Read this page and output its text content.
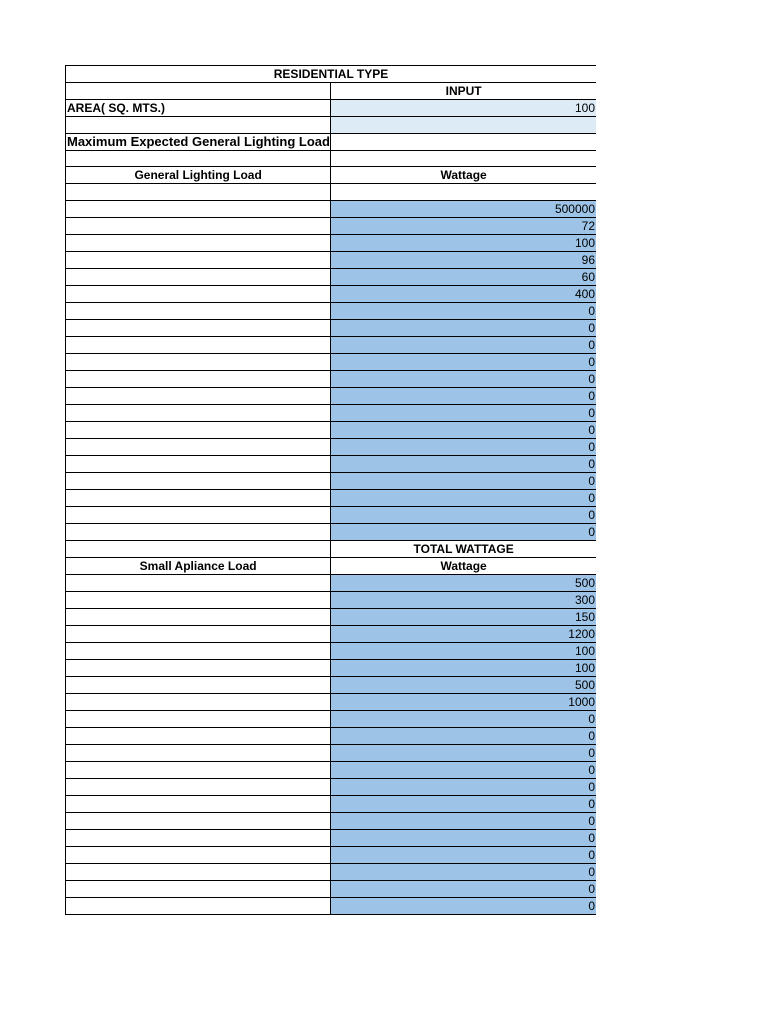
RESIDENTIAL TYPE	
	INPUT
AREA( SQ. MTS.)	100

Maximum Expected General Lighting Load	

General Lighting Load	Wattage

	500000
	72
	100
	96
	60
	400
	0
	0
	0
	0
	0
	0
	0
	0
	0
	0
	0
	0
	0
	0
	TOTAL WATTAGE
Small Apliance Load	Wattage
	500
	300
	150
	1200
	100
	100
	500
	1000
	0
	0
	0
	0
	0
	0
	0
	0
	0
	0
	0
	0
